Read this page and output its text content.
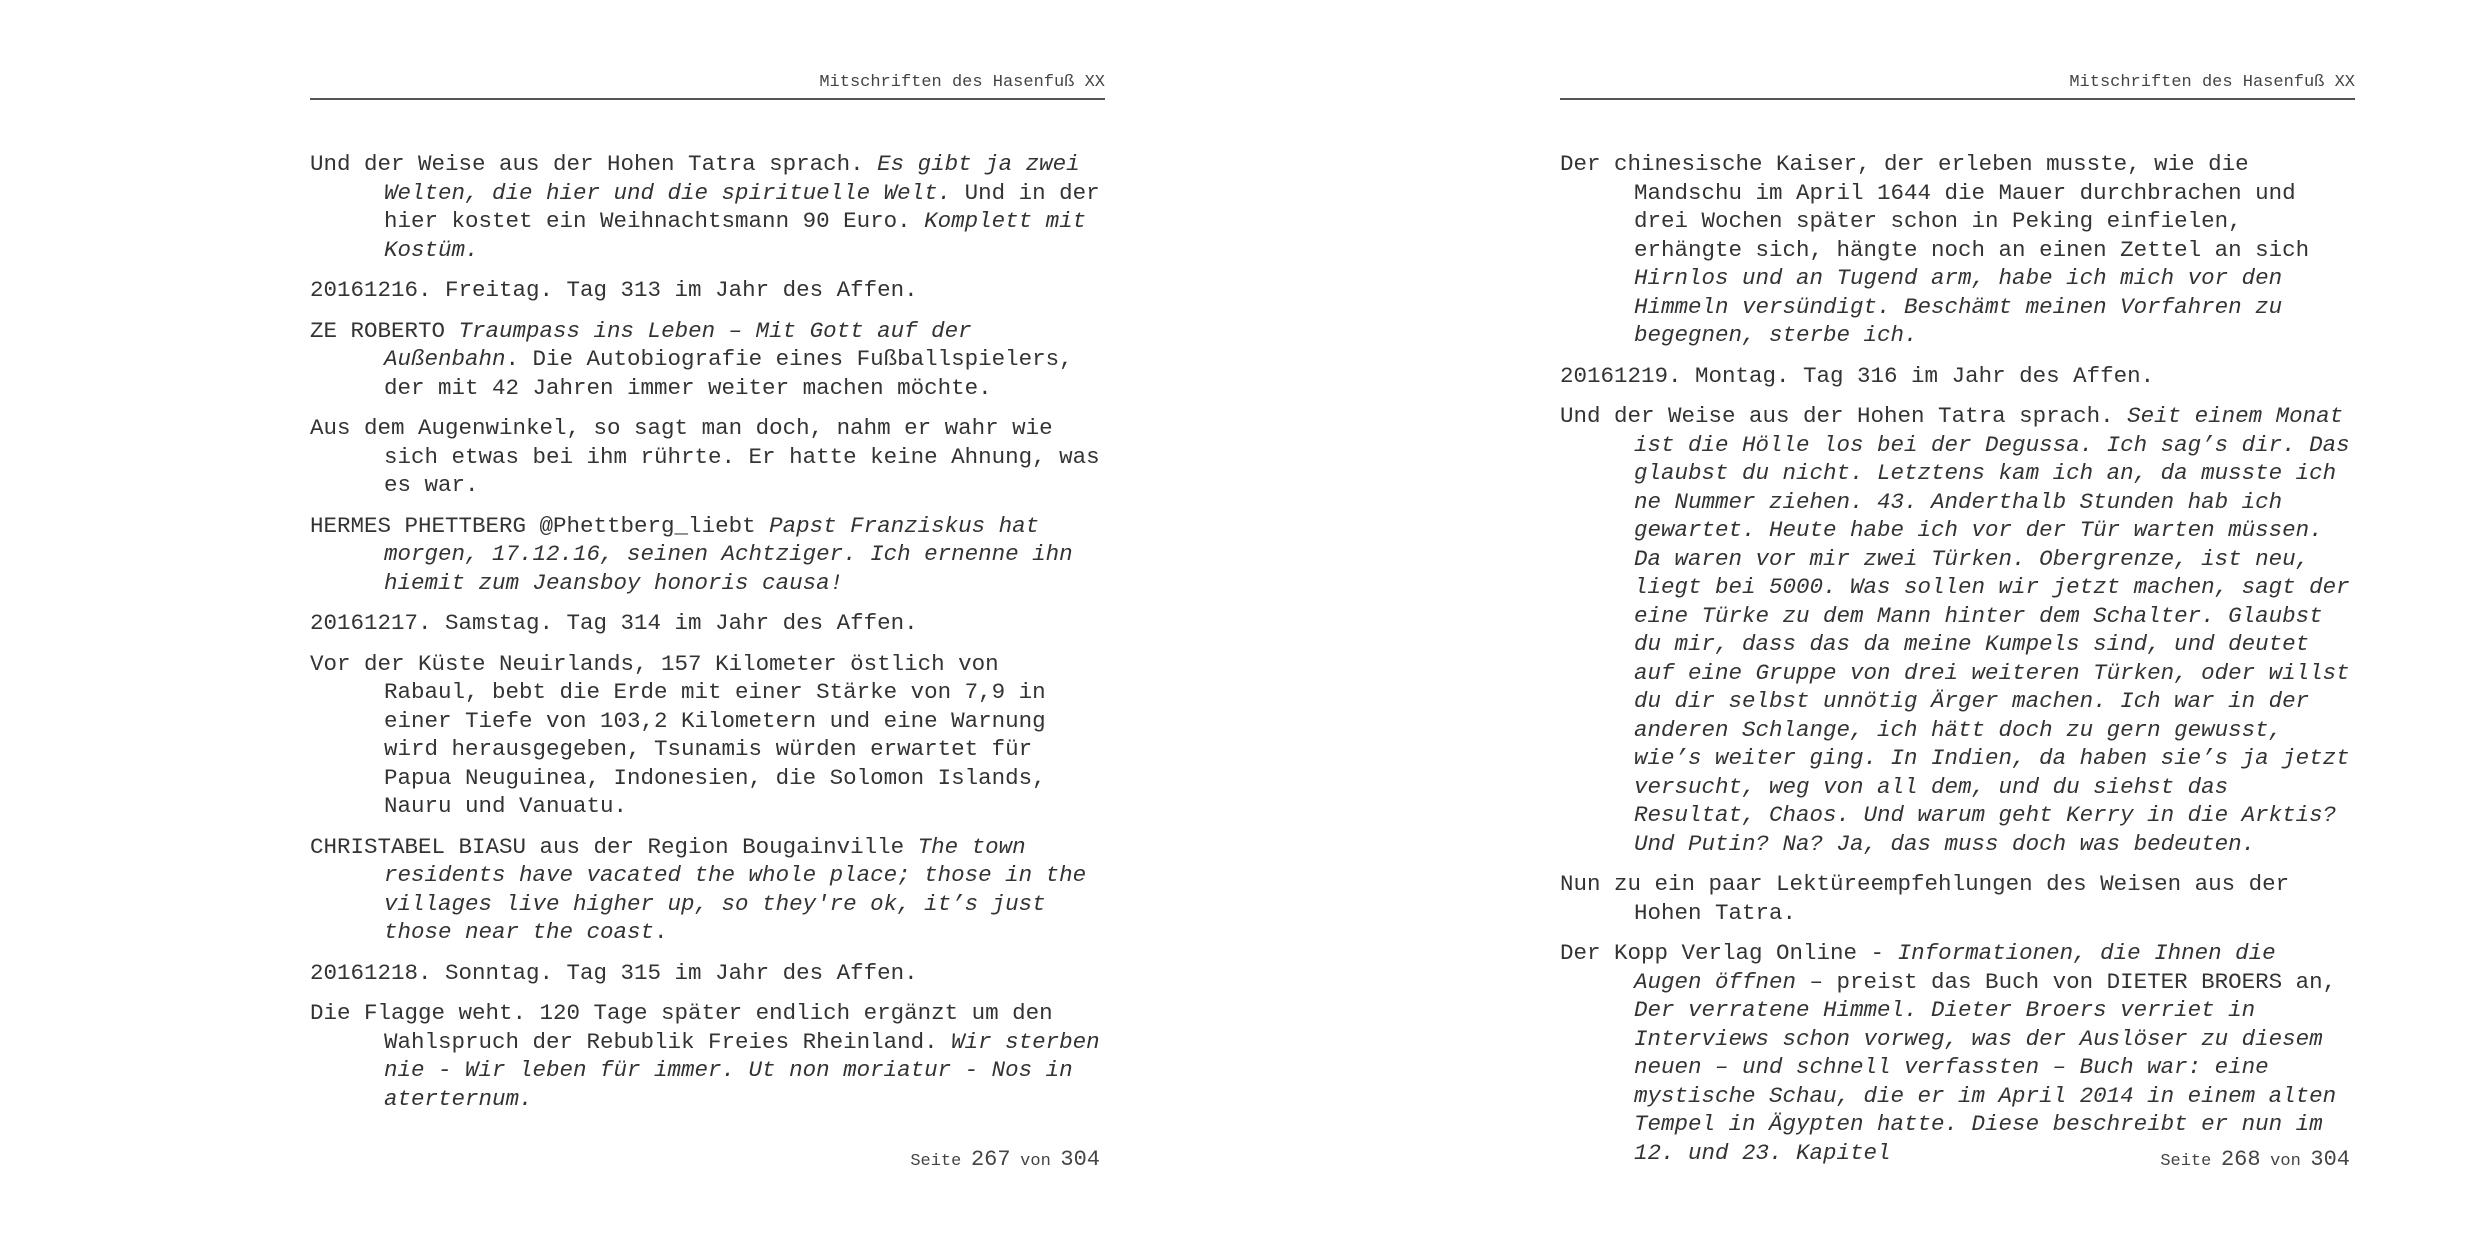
Mitschriften des Hasenfuß XX

Und der Weise aus der Hohen Tatra sprach. Es gibt ja zwei Welten, die hier und die spirituelle Welt. Und in der hier kostet ein Weihnachtsmann 90 Euro. Komplett mit Kostüm.

20161216. Freitag. Tag 313 im Jahr des Affen.

ZE ROBERTO Traumpass ins Leben – Mit Gott auf der Außenbahn. Die Autobiografie eines Fußballspielers, der mit 42 Jahren immer weiter machen möchte.

Aus dem Augenwinkel, so sagt man doch, nahm er wahr wie sich etwas bei ihm rührte. Er hatte keine Ahnung, was es war.

HERMES PHETTBERG @Phettberg_liebt Papst Franziskus hat morgen, 17.12.16, seinen Achtziger. Ich ernenne ihn hiemit zum Jeansboy honoris causa!

20161217. Samstag. Tag 314 im Jahr des Affen.

Vor der Küste Neuirlands, 157 Kilometer östlich von Rabaul, bebt die Erde mit einer Stärke von 7,9 in einer Tiefe von 103,2 Kilometern und eine Warnung wird herausgegeben, Tsunamis würden erwartet für Papua Neuguinea, Indonesien, die Solomon Islands, Nauru und Vanuatu.

CHRISTABEL BIASU aus der Region Bougainville The town residents have vacated the whole place; those in the villages live higher up, so they're ok, it’s just those near the coast.

20161218. Sonntag. Tag 315 im Jahr des Affen.

Die Flagge weht. 120 Tage später endlich ergänzt um den Wahlspruch der Rebublik Freies Rheinland. Wir sterben nie - Wir leben für immer. Ut non moriatur - Nos in aterternum.

Seite 267 von 304
Mitschriften des Hasenfuß XX

Der chinesische Kaiser, der erleben musste, wie die Mandschu im April 1644 die Mauer durchbrachen und drei Wochen später schon in Peking einfielen, erhängte sich, hängte noch an einen Zettel an sich Hirnlos und an Tugend arm, habe ich mich vor den Himmeln versündigt. Beschämt meinen Vorfahren zu begegnen, sterbe ich.

20161219. Montag. Tag 316 im Jahr des Affen.

Und der Weise aus der Hohen Tatra sprach. Seit einem Monat ist die Hölle los bei der Degussa. Ich sag’s dir. Das glaubst du nicht. Letztens kam ich an, da musste ich ne Nummer ziehen. 43. Anderthalb Stunden hab ich gewartet. Heute habe ich vor der Tür warten müssen. Da waren vor mir zwei Türken. Obergrenze, ist neu, liegt bei 5000. Was sollen wir jetzt machen, sagt der eine Türke zu dem Mann hinter dem Schalter. Glaubst du mir, dass das da meine Kumpels sind, und deutet auf eine Gruppe von drei weiteren Türken, oder willst du dir selbst unnötig Ärger machen. Ich war in der anderen Schlange, ich hätt doch zu gern gewusst, wie’s weiter ging. In Indien, da haben sie’s ja jetzt versucht, weg von all dem, und du siehst das Resultat, Chaos. Und warum geht Kerry in die Arktis? Und Putin? Na? Ja, das muss doch was bedeuten.

Nun zu ein paar Lektüreempfehlungen des Weisen aus der Hohen Tatra.

Der Kopp Verlag Online - Informationen, die Ihnen die Augen öffnen – preist das Buch von DIETER BROERS an, Der verratene Himmel. Dieter Broers verriet in Interviews schon vorweg, was der Auslöser zu diesem neuen – und schnell verfassten – Buch war: eine mystische Schau, die er im April 2014 in einem alten Tempel in Ägypten hatte. Diese beschreibt er nun im 12. und 23. Kapitel	Seite 268 von 304
